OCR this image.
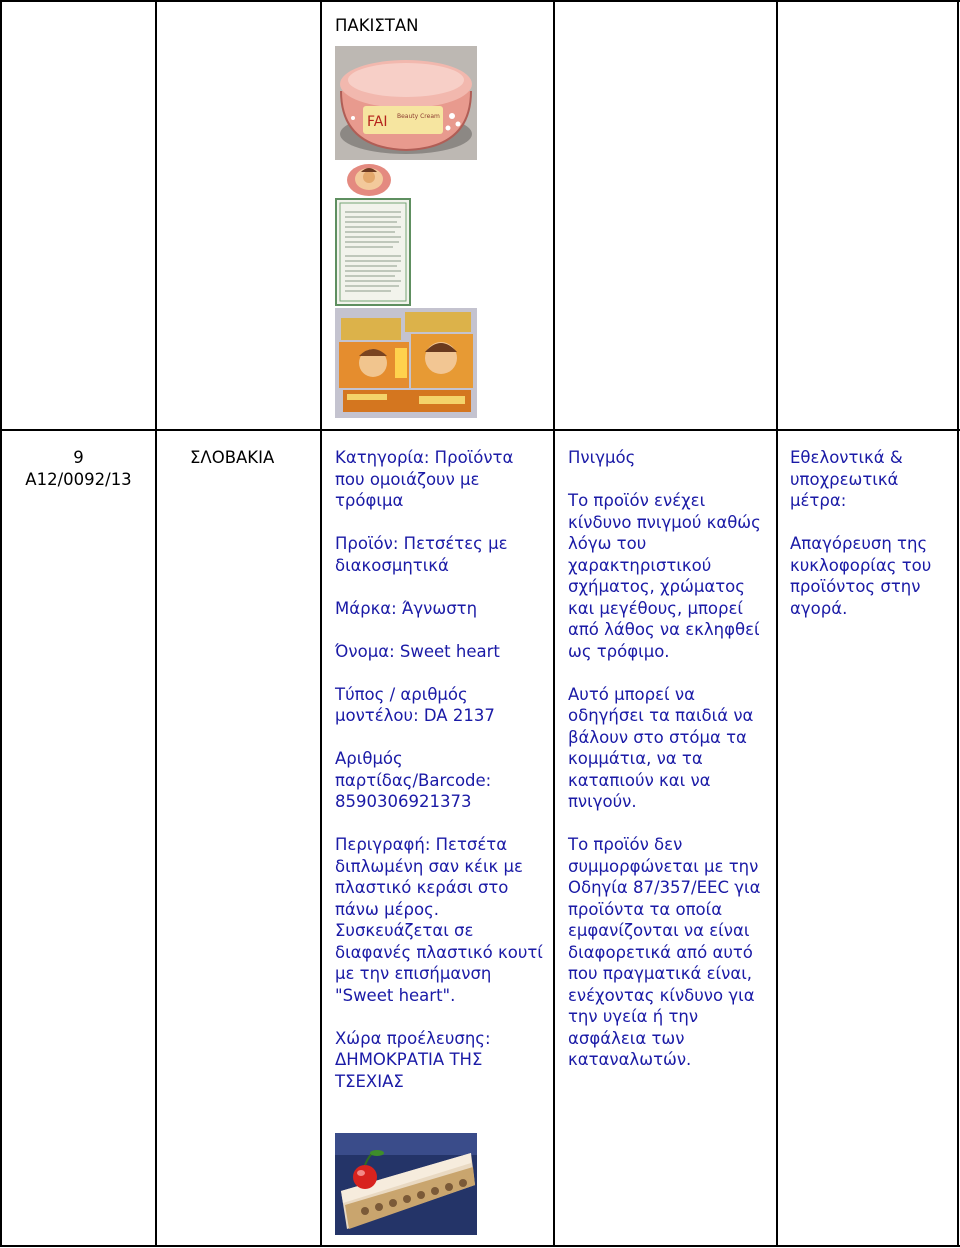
ΠΑΚΙΣΤΑΝ
FAI Beauty Cream
9
A12/0092/13
ΣΛΟΒΑΚΙΑ	Κατηγορία: Προϊόντα που ομοιάζουν με τρόφιμα

Προϊόν: Πετσέτες με διακοσμητικά

Μάρκα: Άγνωστη

Όνομα: Sweet heart

Τύπος / αριθμός μοντέλου: DA 2137

Αριθμός παρτίδας/Barcode: 8590306921373

Περιγραφή: Πετσέτα διπλωμένη σαν κέικ με πλαστικό κεράσι στο πάνω μέρος. Συσκευάζεται σε διαφανές πλαστικό κουτί με την επισήμανση "Sweet heart".

Χώρα προέλευσης: ΔΗΜΟΚΡΑΤΙΑ ΤΗΣ ΤΣΕΧΙΑΣ

Πνιγμός

Το προϊόν ενέχει κίνδυνο πνιγμού καθώς λόγω του χαρακτηριστικού σχήματος, χρώματος και μεγέθους, μπορεί από λάθος να εκληφθεί ως τρόφιμο.

Αυτό μπορεί να οδηγήσει τα παιδιά να βάλουν στο στόμα τα κομμάτια, να τα καταπιούν και να πνιγούν.

Το προϊόν δεν συμμορφώνεται με την Οδηγία 87/357/EEC για προϊόντα τα οποία εμφανίζονται να είναι διαφορετικά από αυτό που πραγματικά είναι, ενέχοντας κίνδυνο για την υγεία ή την ασφάλεια των καταναλωτών.

Εθελοντικά & υποχρεωτικά μέτρα:

Απαγόρευση της κυκλοφορίας του προϊόντος στην αγορά.
